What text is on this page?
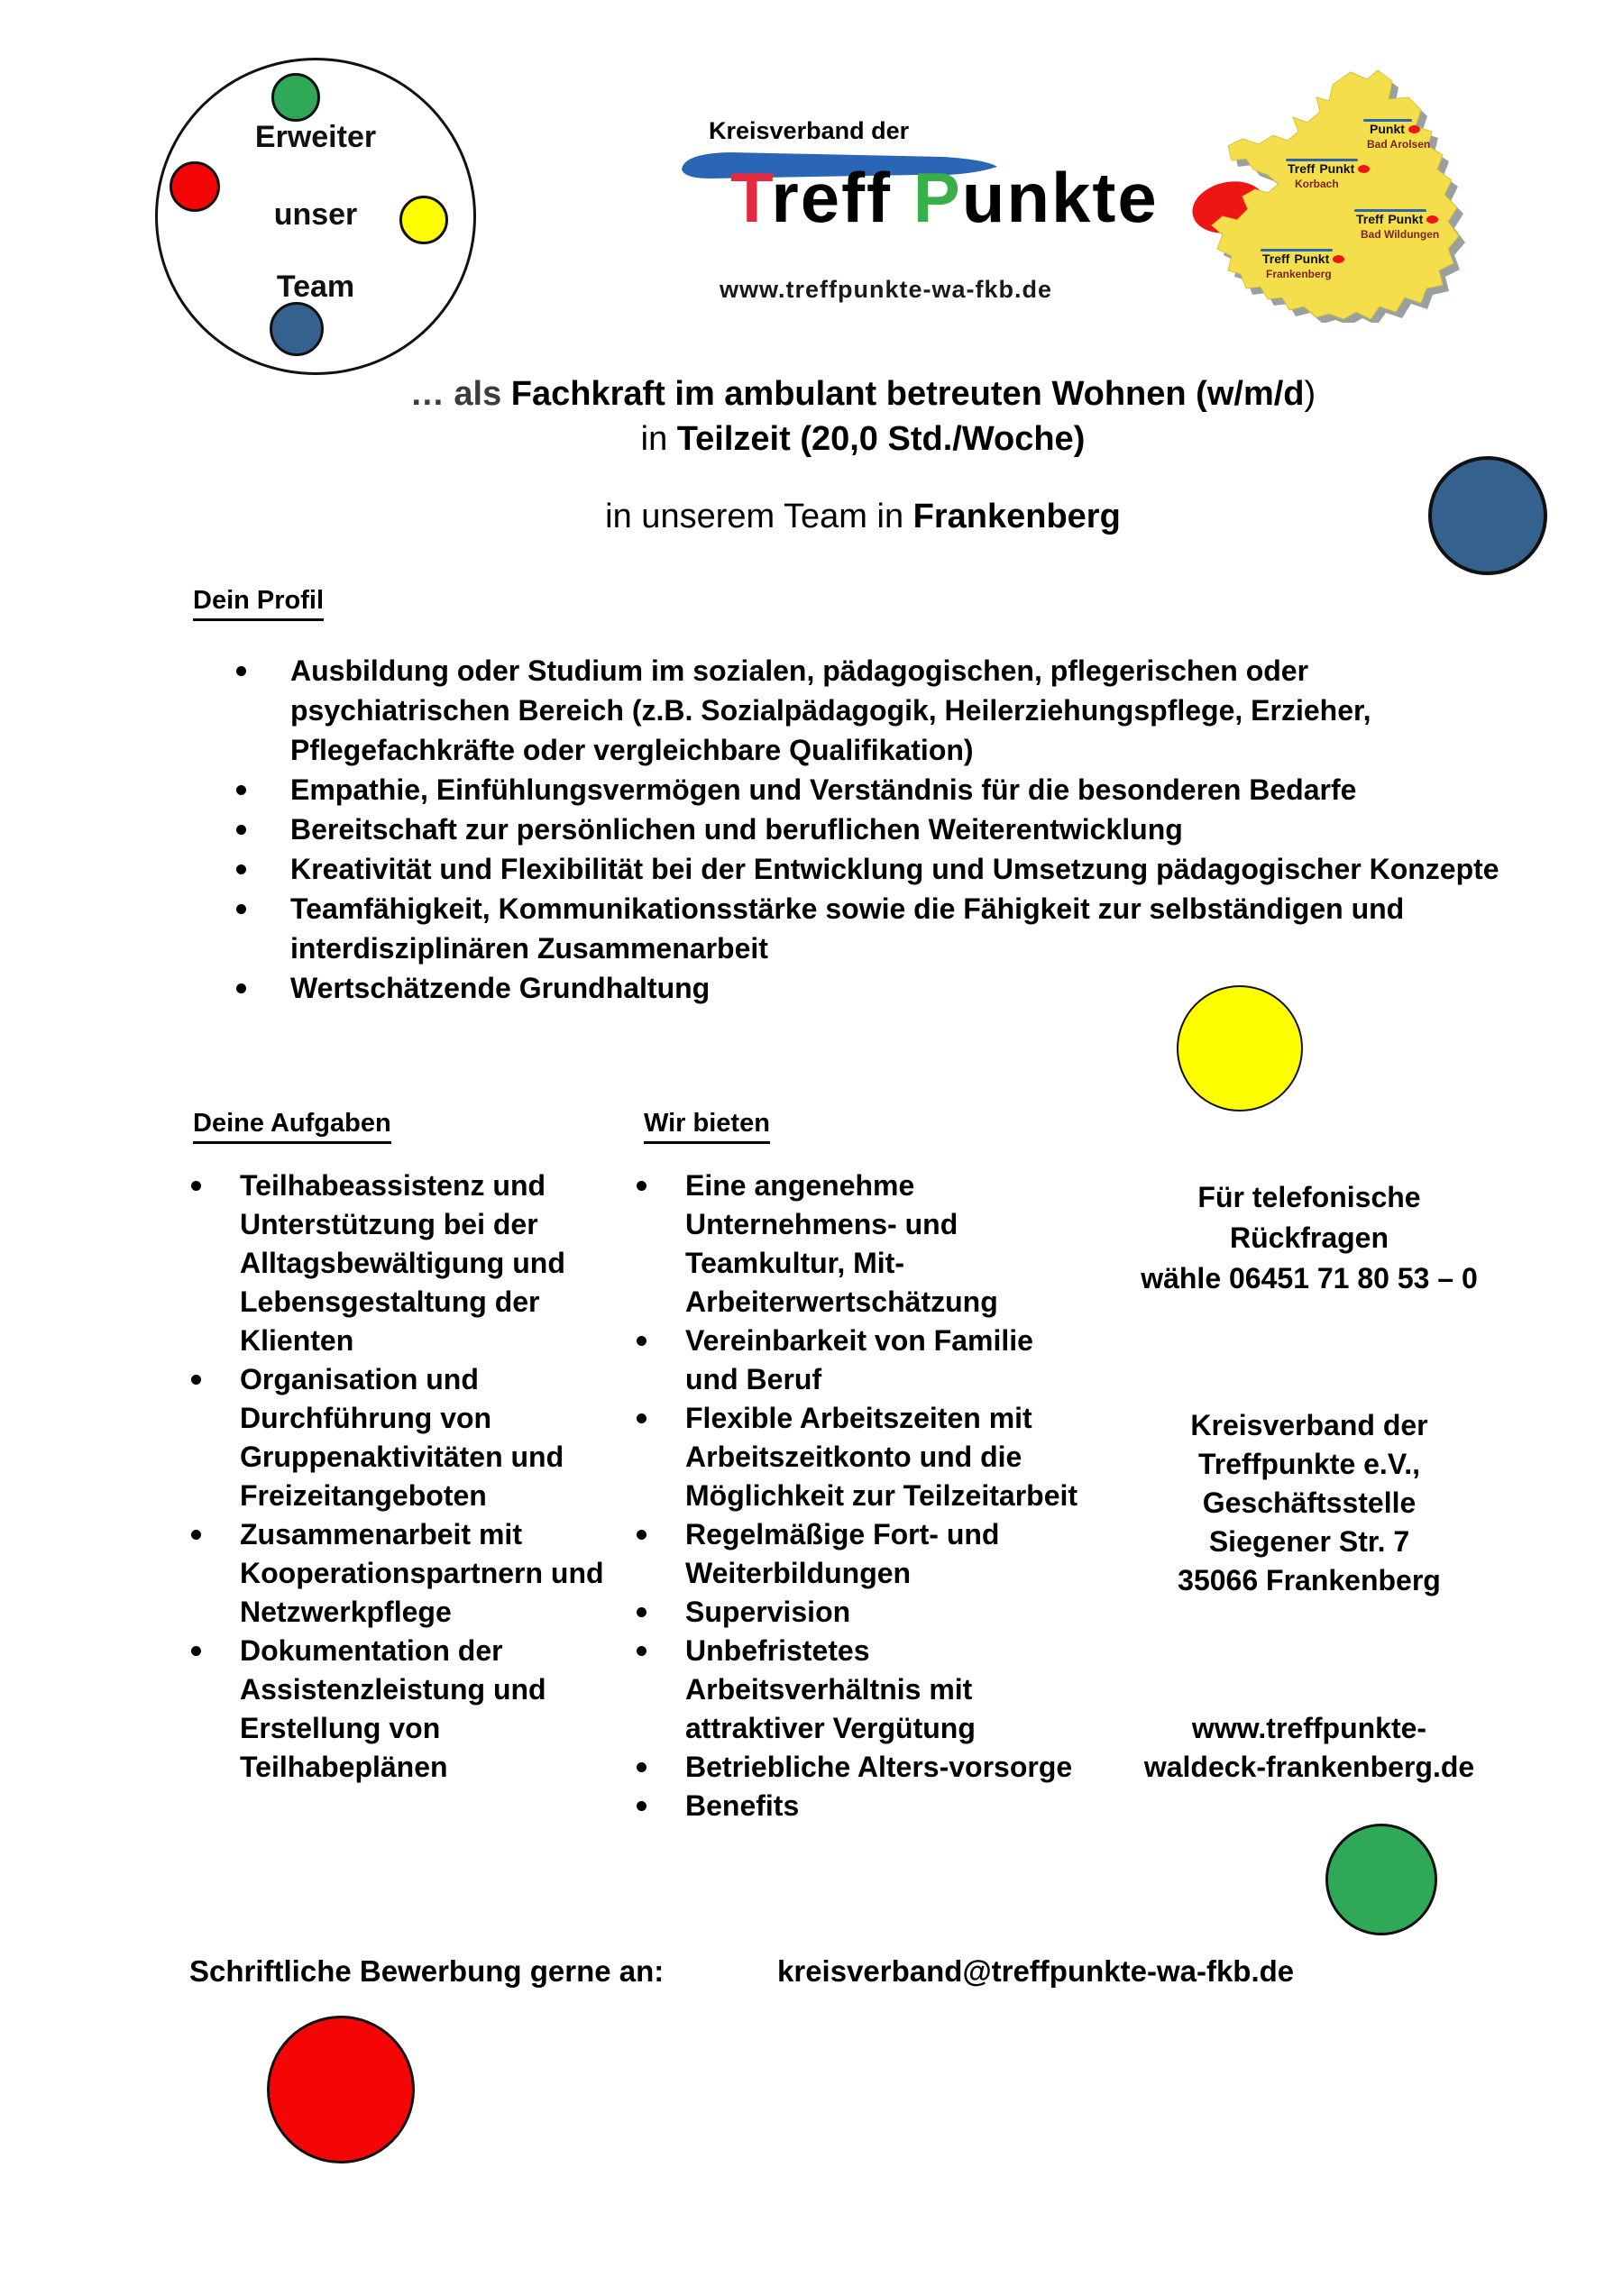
Erweiter
unser
Team
Kreisverband der
Treff Punkte
www.treffpunkte-wa-fkb.de
Punkt
Bad Arolsen
Treff Punkt
Korbach
Treff Punkt
Bad Wildungen
Treff Punkt
Frankenberg
… als Fachkraft im ambulant betreuten Wohnen (w/m/d)
in Teilzeit (20,0 Std./Woche)
in unserem Team in Frankenberg
Dein Profil
Deine Aufgaben	Wir bieten
Ausbildung oder Studium im sozialen, pädagogischen, pflegerischen oder psychiatrischen Bereich (z.B. Sozialpädagogik, Heilerziehungspflege, Erzieher, Pflegefachkräfte oder vergleichbare Qualifikation)
Empathie, Einfühlungsvermögen und Verständnis für die besonderen Bedarfe
Bereitschaft zur persönlichen und beruflichen Weiterentwicklung
Kreativität und Flexibilität bei der Entwicklung und Umsetzung pädagogischer Konzepte
Teamfähigkeit, Kommunikationsstärke sowie die Fähigkeit zur selbständigen und interdisziplinären Zusammenarbeit
Wertschätzende Grundhaltung
Teilhabeassistenz und Unterstützung bei der Alltagsbewältigung und Lebensgestaltung der Klienten
Organisation und Durchführung von Gruppenaktivitäten und Freizeitangeboten
Zusammenarbeit mit Kooperationspartnern und Netzwerkpflege
Dokumentation der Assistenzleistung und Erstellung von Teilhabeplänen
Eine angenehme Unternehmens- und Teamkultur, Mit-Arbeiterwertschätzung
Vereinbarkeit von Familie und Beruf
Flexible Arbeitszeiten mit Arbeitszeitkonto und die Möglichkeit zur Teilzeitarbeit
Regelmäßige Fort- und Weiterbildungen
Supervision
Unbefristetes Arbeitsverhältnis mit attraktiver Vergütung
Betriebliche Alters-vorsorge
Benefits
Für telefonische
Rückfragen
wähle 06451 71 80 53 – 0
Kreisverband der
Treffpunkte e.V.,
Geschäftsstelle
Siegener Str. 7
35066 Frankenberg
www.treffpunkte-
waldeck-frankenberg.de
Schriftliche Bewerbung gerne an:	kreisverband@treffpunkte-wa-fkb.de
